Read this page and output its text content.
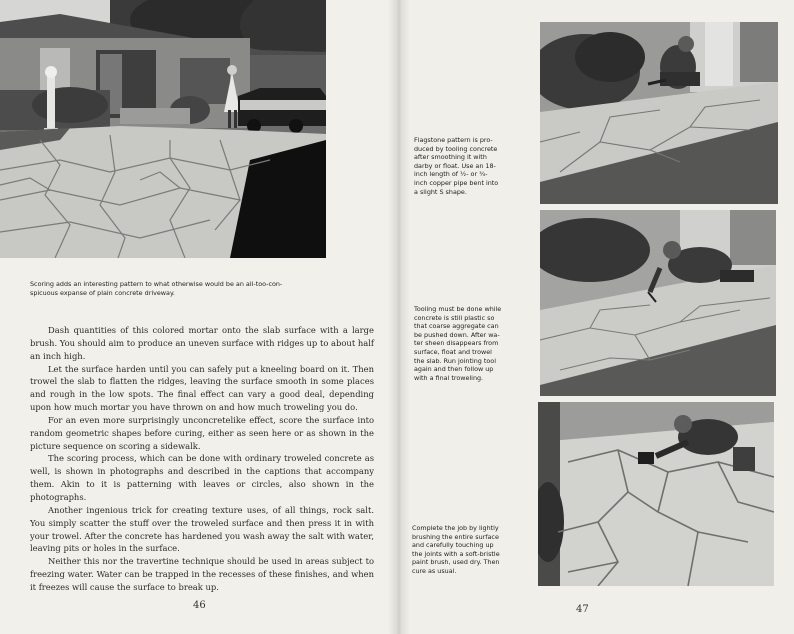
Scoring adds an interesting pattern to what otherwise would be an all-too-con-
spicuous expanse of plain concrete driveway.

Dash quantities of this colored mortar onto the slab surface with a large brush. You should aim to produce an uneven surface with ridges up to about half an inch high.

Let the surface harden until you can safely put a kneeling board on it. Then trowel the slab to flatten the ridges, leaving the surface smooth in some places and rough in the low spots. The final effect can vary a good deal, depending upon how much mortar you have thrown on and how much troweling you do.

For an even more surprisingly unconcretelike effect, score the surface into random geometric shapes before curing, either as seen here or as shown in the picture sequence on scoring a sidewalk.

The scoring process, which can be done with ordinary troweled concrete as well, is shown in photographs and described in the captions that accompany them. Akin to it is patterning with leaves or circles, also shown in the photographs.

Another ingenious trick for creating texture uses, of all things, rock salt. You simply scatter the stuff over the troweled surface and then press it in with your trowel. After the concrete has hardened you wash away the salt with water, leaving pits or holes in the surface.

Neither this nor the travertine technique should be used in areas subject to freezing water. Water can be trapped in the recesses of these finishes, and when it freezes will cause the surface to break up.

46
Flagstone pattern is pro-
duced by tooling concrete
after smoothing it with
darby or float. Use an 18-
inch length of ½- or ¾-
inch copper pipe bent into
a slight S shape.
Tooling must be done while
concrete is still plastic so
that coarse aggregate can
be pushed down. After wa-
ter sheen disappears from
surface, float and trowel
the slab. Run jointing tool
again and then follow up
with a final troweling.
Complete the job by lightly
brushing the entire surface
and carefully touching up
the joints with a soft-bristle
paint brush, used dry. Then
cure as usual.
47
